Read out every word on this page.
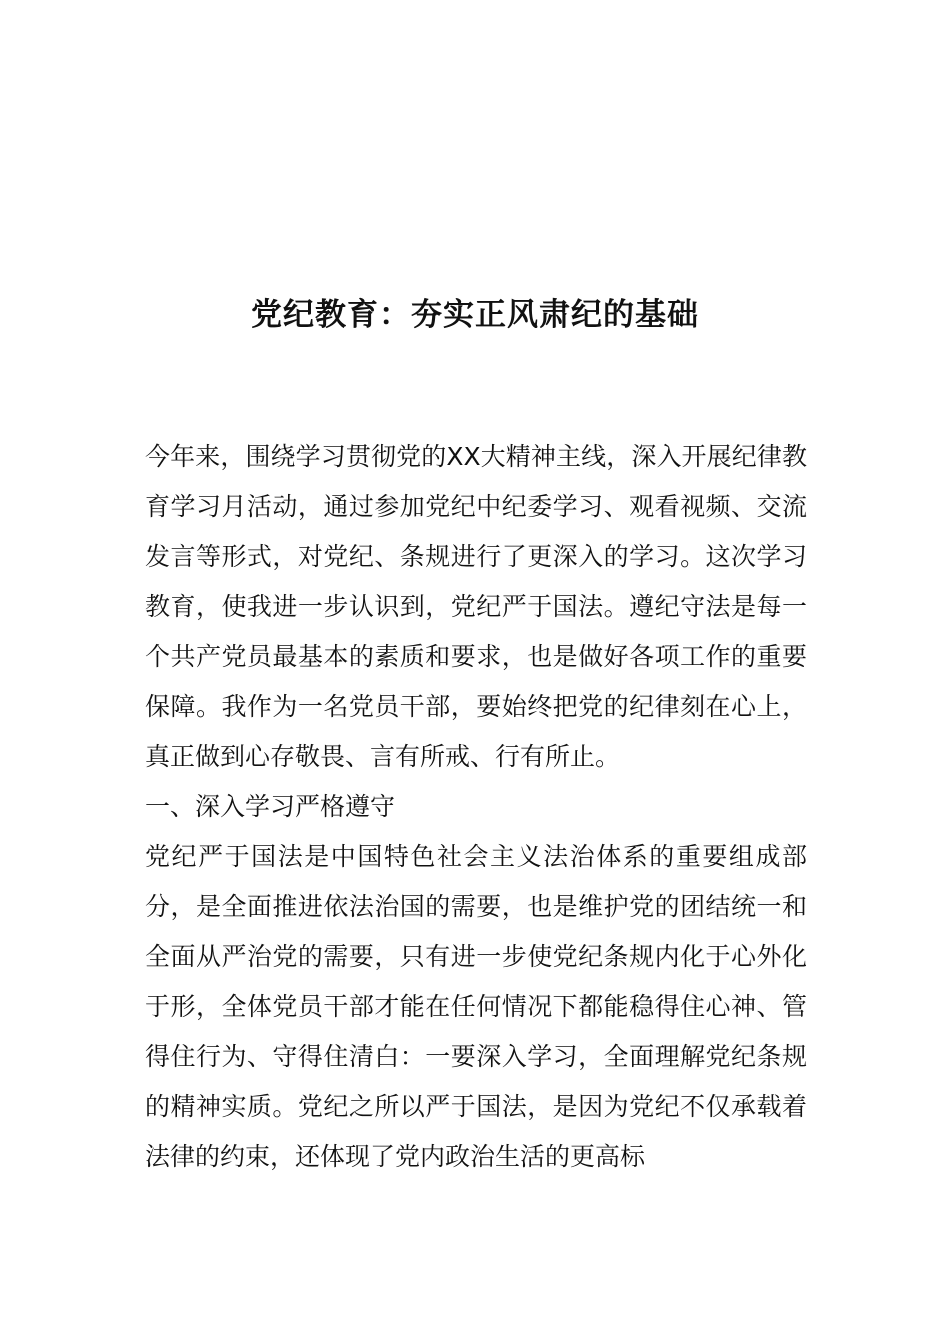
党纪教育：夯实正风肃纪的基础

今年来，围绕学习贯彻党的XX大精神主线，深入开展纪律教育学习月活动，通过参加党纪中纪委学习、观看视频、交流发言等形式，对党纪、条规进行了更深入的学习。这次学习教育，使我进一步认识到，党纪严于国法。遵纪守法是每一个共产党员最基本的素质和要求，也是做好各项工作的重要保障。我作为一名党员干部，要始终把党的纪律刻在心上，真正做到心存敬畏、言有所戒、行有所止。

一、深入学习严格遵守

党纪严于国法是中国特色社会主义法治体系的重要组成部分，是全面推进依法治国的需要，也是维护党的团结统一和全面从严治党的需要，只有进一步使党纪条规内化于心外化于形，全体党员干部才能在任何情况下都能稳得住心神、管得住行为、守得住清白：一要深入学习，全面理解党纪条规的精神实质。党纪之所以严于国法，是因为党纪不仅承载着法律的约束，还体现了党内政治生活的更高标
